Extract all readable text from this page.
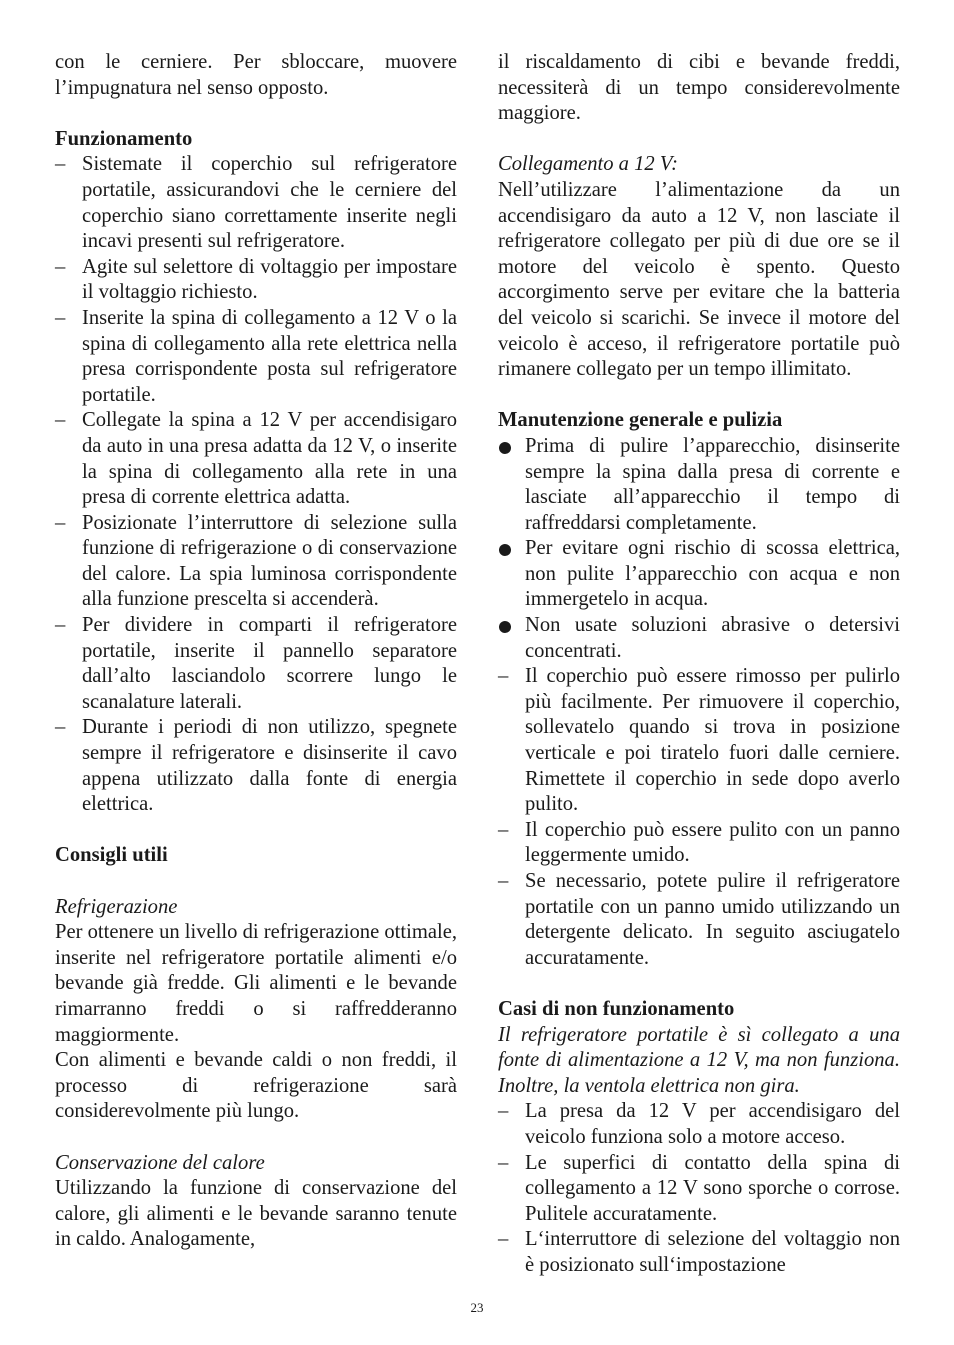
con le cerniere. Per sbloccare, muovere l’impugnatura nel senso opposto.

Funzionamento

– Sistemate il coperchio sul refrigeratore portatile, assicurandovi che le cerniere del coperchio siano correttamente inserite negli incavi presenti sul refrigeratore.
– Agite sul selettore di voltaggio per impostare il voltaggio richiesto.
– Inserite la spina di collegamento a 12 V o la spina di collegamento alla rete elettrica nella presa corrispondente posta sul refrigeratore portatile.
– Collegate la spina a 12 V per accendisigaro da auto in una presa adatta da 12 V, o inserite la spina di collegamento alla rete in una presa di corrente elettrica adatta.
– Posizionate l’interruttore di selezione sulla funzione di refrigerazione o di conservazione del calore. La spia luminosa corrispondente alla funzione prescelta si accenderà.
– Per dividere in comparti il refrigeratore portatile, inserite il pannello separatore dall’alto lasciandolo scorrere lungo le scanalature laterali.
– Durante i periodi di non utilizzo, spegnete sempre il refrigeratore e disinserite il cavo appena utilizzato dalla fonte di energia elettrica.

Consigli utili

Refrigerazione

Per ottenere un livello di refrigerazione ottimale, inserite nel refrigeratore portatile alimenti e/o bevande già fredde. Gli alimenti e le bevande rimarranno freddi o si raffredderanno maggiormente.

Con alimenti e bevande caldi o non freddi, il processo di refrigerazione sarà considerevolmente più lungo.

Conservazione del calore

Utilizzando la funzione di conservazione del calore, gli alimenti e le bevande saranno tenute in caldo. Analogamente,

il riscaldamento di cibi e bevande freddi, necessiterà di un tempo considerevolmente maggiore.

Collegamento a 12 V:

Nell’utilizzare l’alimentazione da un accendisigaro da auto a 12 V, non lasciate il refrigeratore collegato per più di due ore se il motore del veicolo è spento. Questo accorgimento serve per evitare che la batteria del veicolo si scarichi. Se invece il motore del veicolo è acceso, il refrigeratore portatile può rimanere collegato per un tempo illimitato.

Manutenzione generale e pulizia

Prima di pulire l’apparecchio, disinserite sempre la spina dalla presa di corrente e lasciate all’apparecchio il tempo di raffreddarsi completamente.
Per evitare ogni rischio di scossa elettrica, non pulite l’apparecchio con acqua e non immergetelo in acqua.
Non usate soluzioni abrasive o detersivi concentrati.
– Il coperchio può essere rimosso per pulirlo più facilmente. Per rimuovere il coperchio, sollevatelo quando si trova in posizione verticale e poi tiratelo fuori dalle cerniere. Rimettete il coperchio in sede dopo averlo pulito.
– Il coperchio può essere pulito con un panno leggermente umido.
– Se necessario, potete pulire il refrigeratore portatile con un panno umido utilizzando un detergente delicato. In seguito asciugatelo accuratamente.

Casi di non funzionamento

Il refrigeratore portatile è sì collegato a una fonte di alimentazione a 12 V, ma non funziona. Inoltre, la ventola elettrica non gira.

– La presa da 12 V per accendisigaro del veicolo funziona solo a motore acceso.
– Le superfici di contatto della spina di collegamento a 12 V sono sporche o corrose. Pulitele accuratamente.
– L‘interruttore di selezione del voltaggio non è posizionato sull‘impostazione
23
